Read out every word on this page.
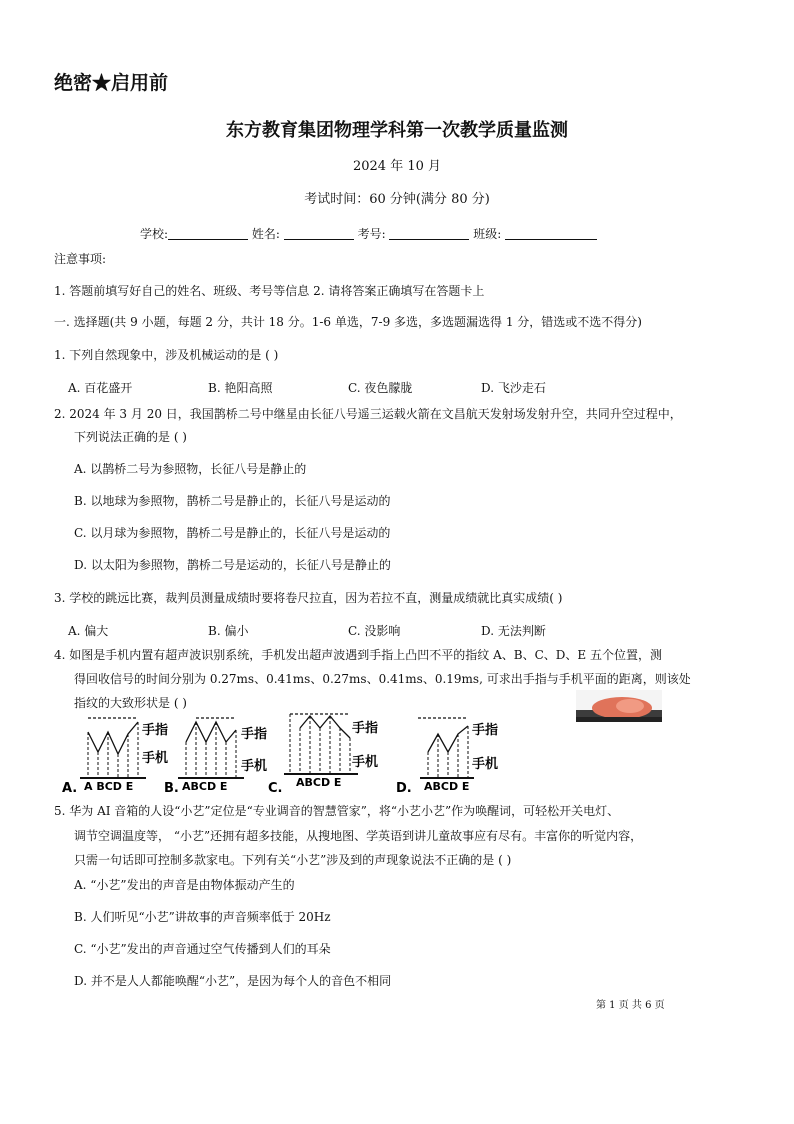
绝密★启用前
东方教育集团物理学科第一次教学质量监测
2024 年 10 月
考试时间：60 分钟(满分 80 分)
学校:	姓名:	考号:	班级:
注意事项:
1. 答题前填写好自己的姓名、班级、考号等信息 2. 请将答案正确填写在答题卡上
一. 选择题(共 9 小题，每题 2 分，共计 18 分。1-6 单选，7-9 多选，多选题漏选得 1 分，错选或不选不得分)
1. 下列自然现象中，涉及机械运动的是 ( )
A. 百花盛开	B. 艳阳高照	C. 夜色朦胧	D. 飞沙走石
2. 2024 年 3 月 20 日，我国鹊桥二号中继星由长征八号遥三运载火箭在文昌航天发射场发射升空，共同升空过程中，
下列说法正确的是 ( )
A. 以鹊桥二号为参照物，长征八号是静止的
B. 以地球为参照物，鹊桥二号是静止的，长征八号是运动的
C. 以月球为参照物，鹊桥二号是静止的，长征八号是运动的
D. 以太阳为参照物，鹊桥二号是运动的，长征八号是静止的
3. 学校的跳远比赛，裁判员测量成绩时要将卷尺拉直，因为若拉不直，测量成绩就比真实成绩( )
A. 偏大	B. 偏小	C. 没影响	D. 无法判断
4. 如图是手机内置有超声波识别系统，手机发出超声波遇到手指上凸凹不平的指纹 A、B、C、D、E 五个位置，测
得回收信号的时间分别为 0.27ms、0.41ms、0.27ms、0.41ms、0.19ms, 可求出手指与手机平面的距离，则该处
指纹的大致形状是 ( )
手指
手机
A BCD E
A.
手指
手机
ABCD E
B.
手指
手机
ABCD E
C.
手指
手机
ABCD E
D.
5. 华为 AI 音箱的人设“小艺”定位是“专业调音的智慧管家”，将“小艺小艺”作为唤醒词，可轻松开关电灯、
调节空调温度等， “小艺”还拥有超多技能，从搜地图、学英语到讲儿童故事应有尽有。丰富你的听觉内容，
只需一句话即可控制多款家电。下列有关“小艺”涉及到的声现象说法不正确的是 ( )
A. “小艺”发出的声音是由物体振动产生的
B. 人们听见“小艺”讲故事的声音频率低于 20Hz
C. “小艺”发出的声音通过空气传播到人们的耳朵
D. 并不是人人都能唤醒“小艺”，是因为每个人的音色不相同
第 1 页 共 6 页
